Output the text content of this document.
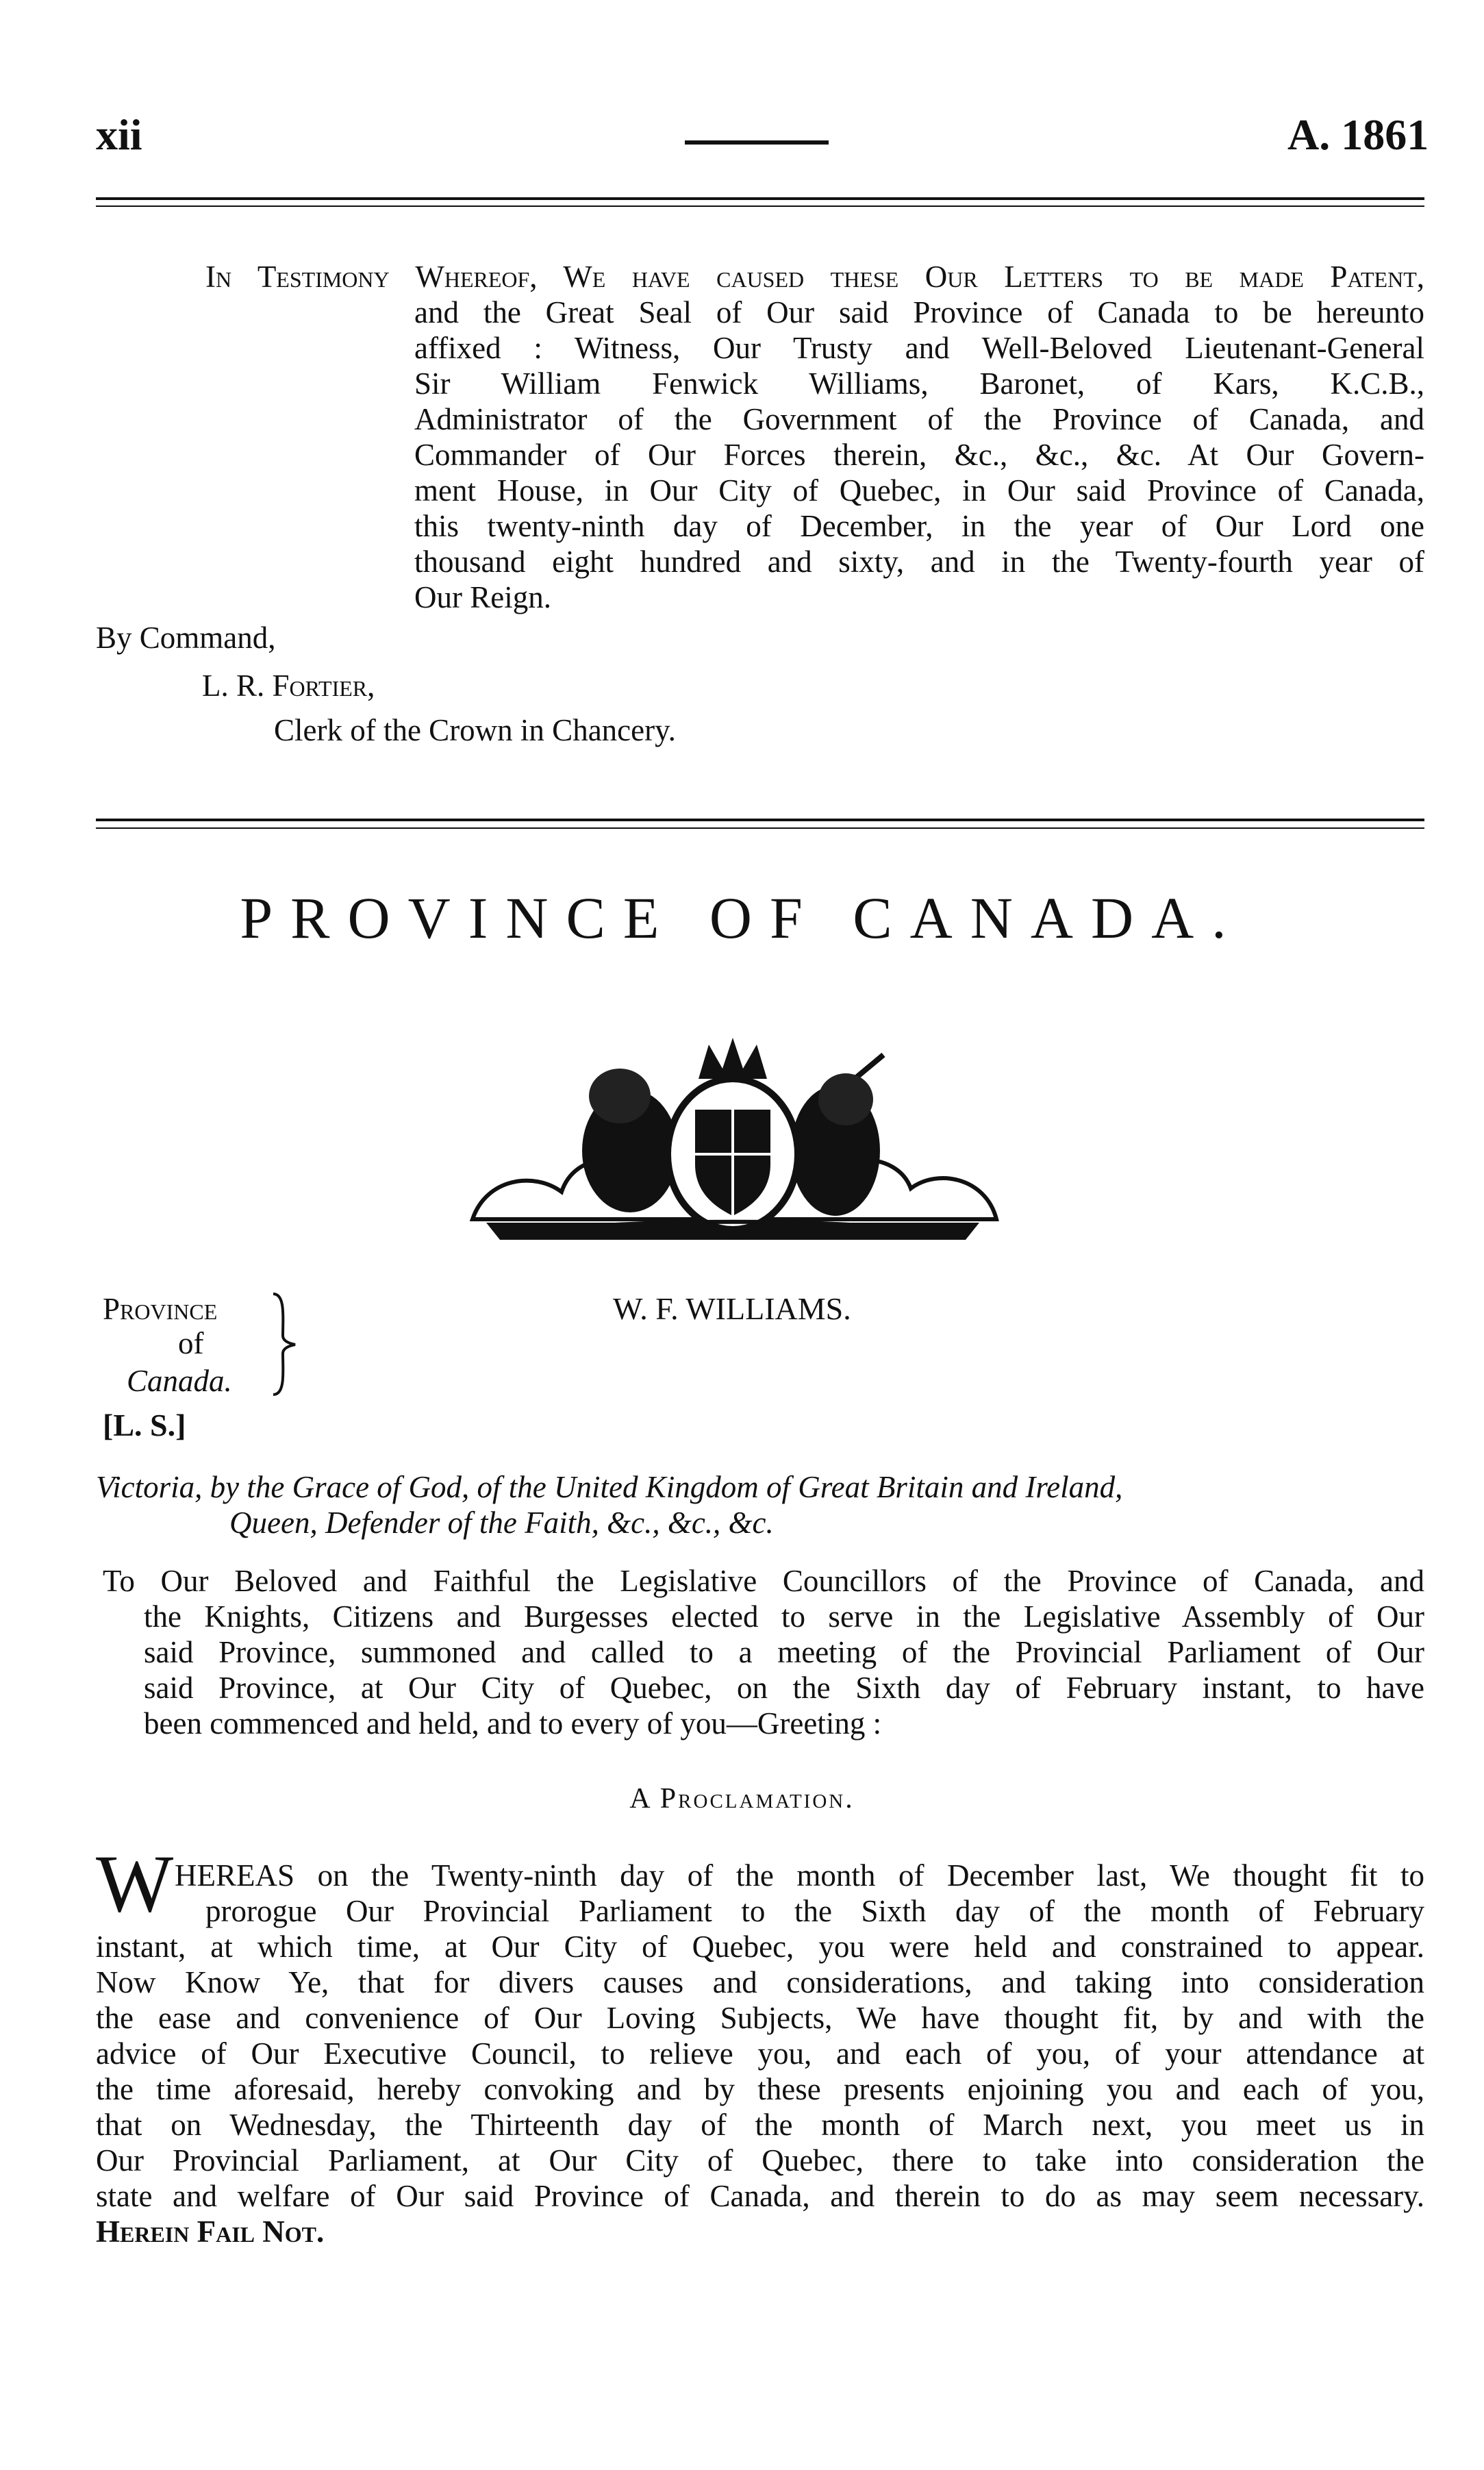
xii	A. 1861
In Testimony Whereof, We have caused these Our Letters to be made Patent,
and the Great Seal of Our said Province of Canada to be hereunto
affixed : Witness, Our Trusty and Well-Beloved Lieutenant-General
Sir William Fenwick Williams, Baronet, of Kars, K.C.B.,
Administrator of the Government of the Province of Canada, and
Commander of Our Forces therein, &c., &c., &c. At Our Govern-
ment House, in Our City of Quebec, in Our said Province of Canada,
this twenty-ninth day of December, in the year of Our Lord one
thousand eight hundred and sixty, and in the Twenty-fourth year of
Our Reign.
By Command,
L. R. Fortier,
Clerk of the Crown in Chancery.
PROVINCE OF CANADA.
Province
of
Canada.
[L. S.]
W. F. WILLIAMS.
Victoria, by the Grace of God, of the United Kingdom of Great Britain and Ireland,
Queen, Defender of the Faith, &c., &c., &c.
To Our Beloved and Faithful the Legislative Councillors of the Province of Canada, and
the Knights, Citizens and Burgesses elected to serve in the Legislative Assembly of Our
said Province, summoned and called to a meeting of the Provincial Parliament of Our
said Province, at Our City of Quebec, on the Sixth day of February instant, to have
been commenced and held, and to every of you—Greeting :
A Proclamation.
W HEREAS on the Twenty-ninth day of the month of December last, We thought fit to
prorogue Our Provincial Parliament to the Sixth day of the month of February
instant, at which time, at Our City of Quebec, you were held and constrained to appear.
Now Know Ye, that for divers causes and considerations, and taking into consideration
the ease and convenience of Our Loving Subjects, We have thought fit, by and with the
advice of Our Executive Council, to relieve you, and each of you, of your attendance at
the time aforesaid, hereby convoking and by these presents enjoining you and each of you,
that on Wednesday, the Thirteenth day of the month of March next, you meet us in
Our Provincial Parliament, at Our City of Quebec, there to take into consideration the
state and welfare of Our said Province of Canada, and therein to do as may seem necessary.
Herein Fail Not.
